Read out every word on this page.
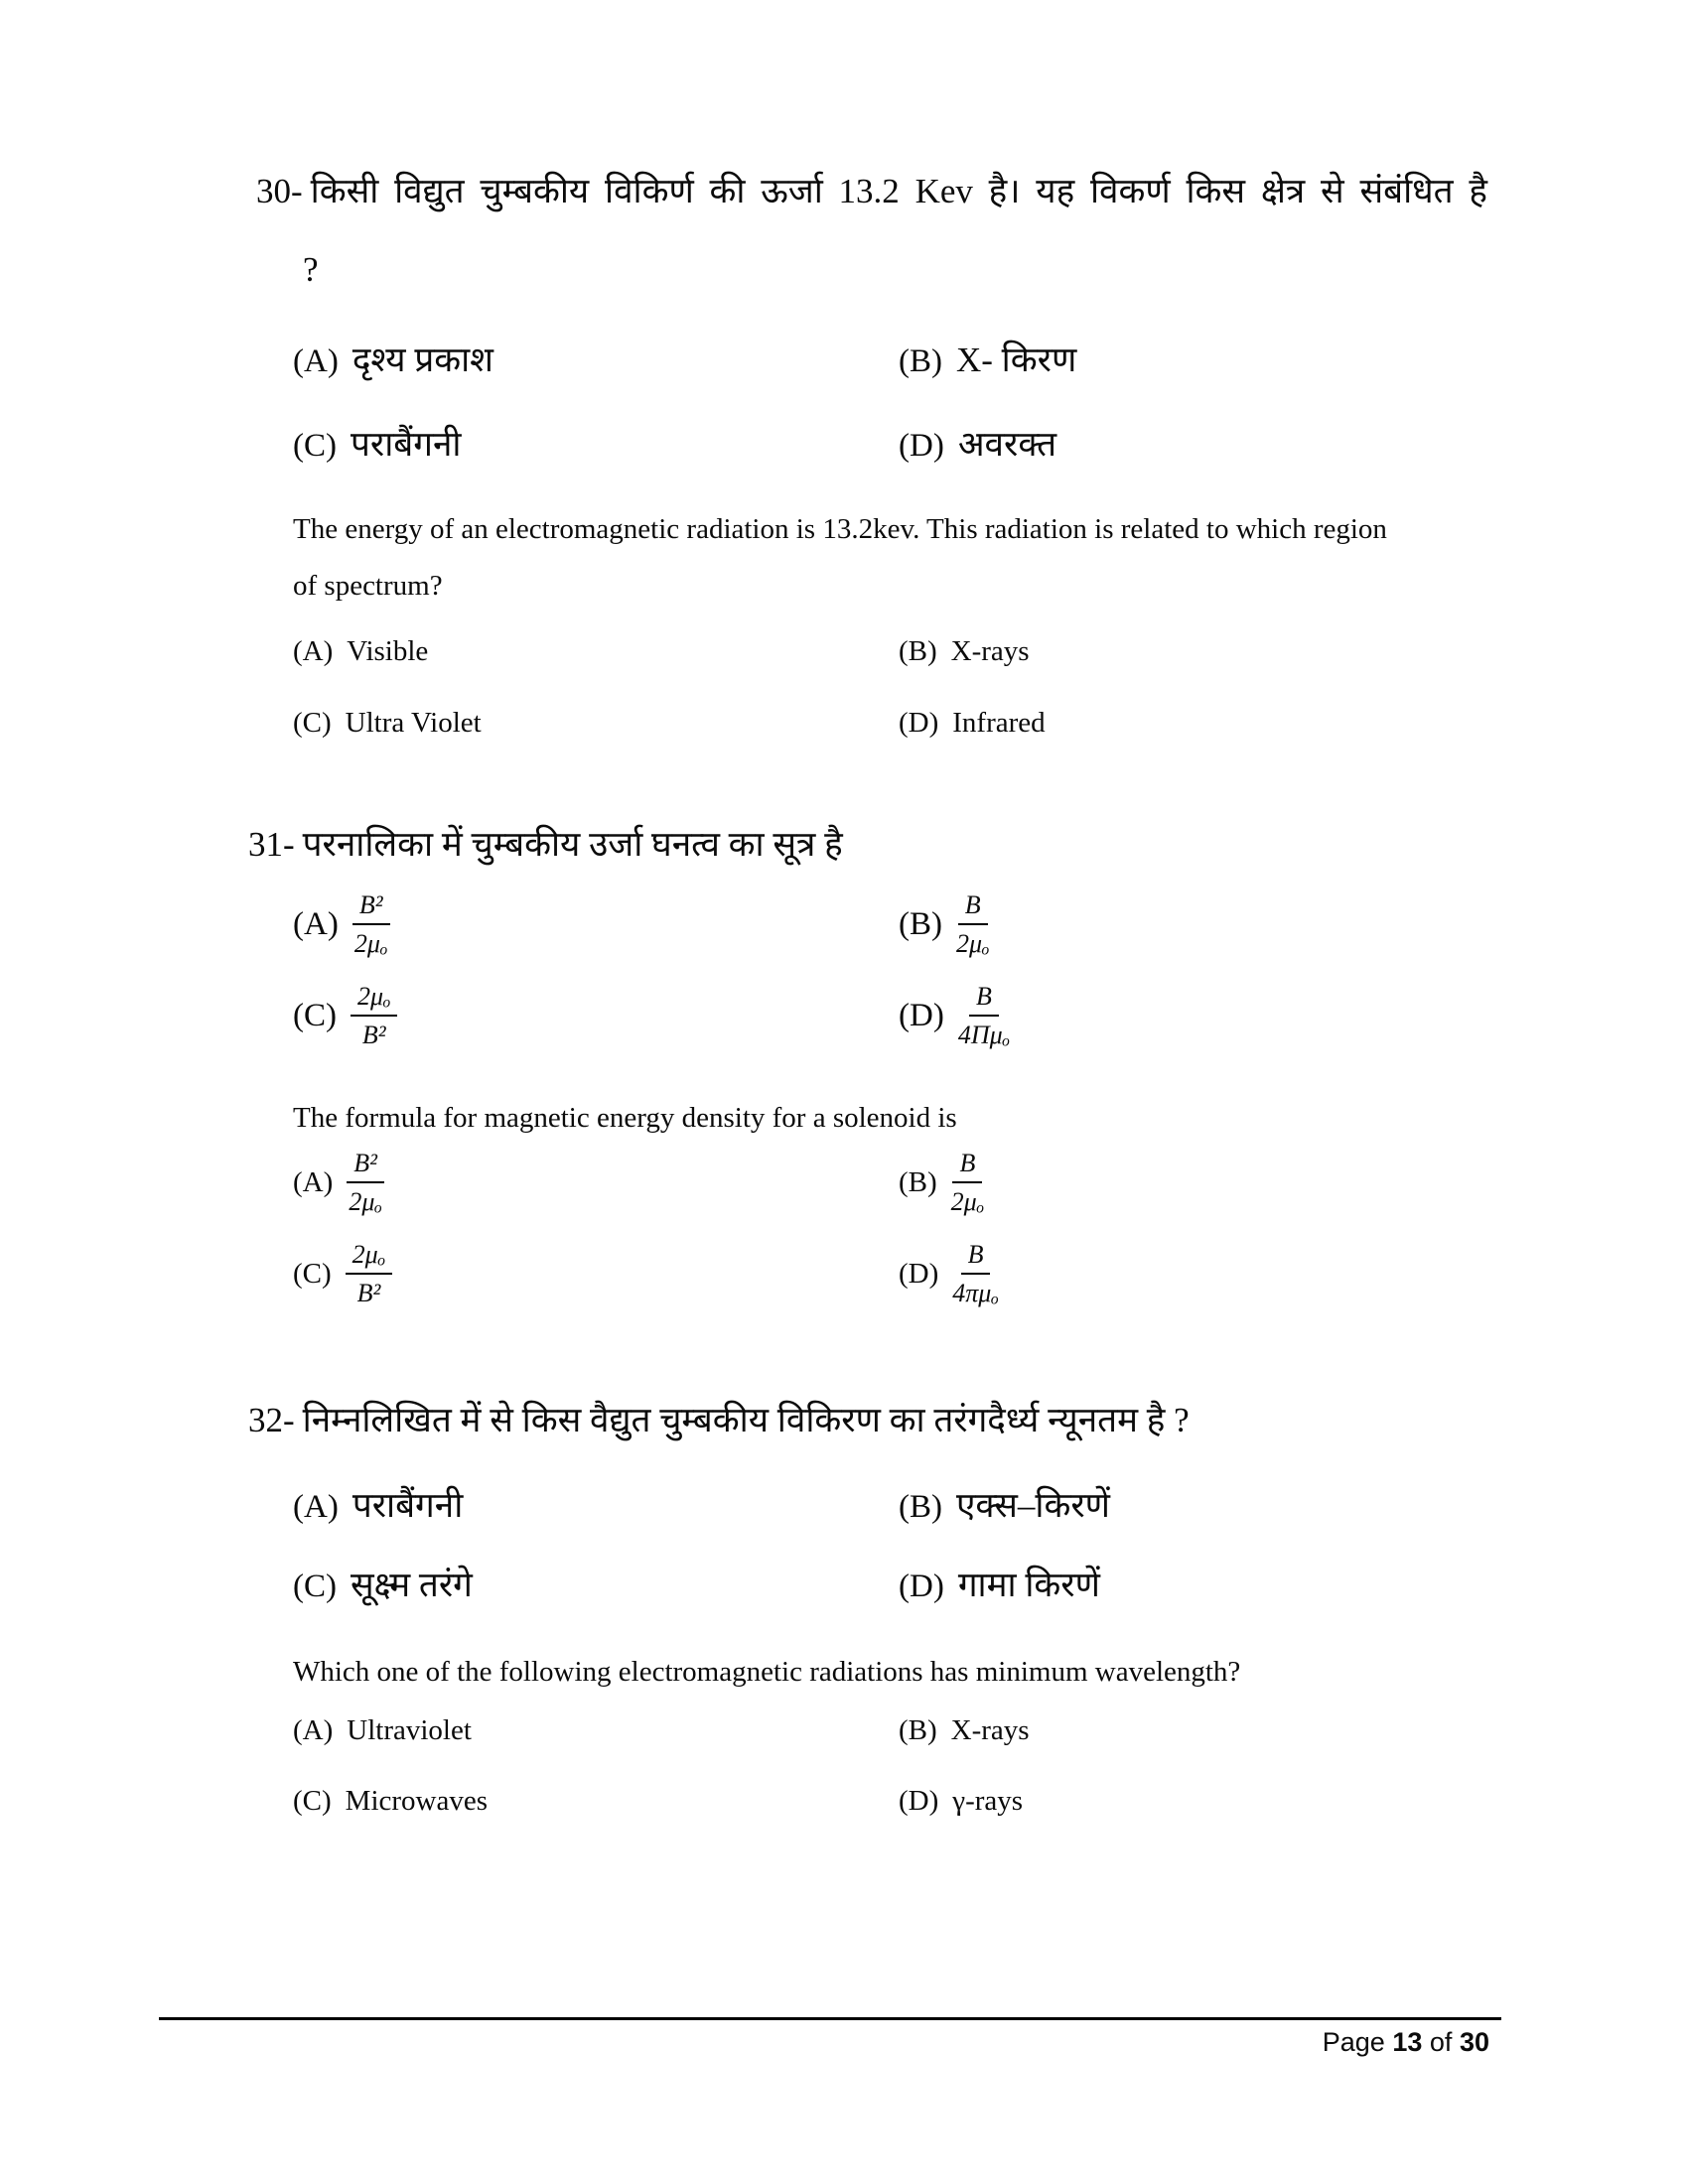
30- किसी विद्युत चुम्बकीय विकिर्ण की ऊर्जा 13.2 Kev है। यह विकर्ण किस क्षेत्र से संबंधित है
?
(A) दृश्य प्रकाश	(B) X- किरण
(C) पराबैंगनी	(D) अवरक्त
The energy of an electromagnetic radiation is 13.2kev. This radiation is related to which region
of spectrum?
(A) Visible	(B) X-rays
(C) Ultra Violet	(D) Infrared
31- परनालिका में चुम्बकीय उर्जा घनत्व का सूत्र है
$(A) \frac{\text{B²}}{\text{2μₒ}}$	$(B) \frac{B}{\text{2μₒ}}$
$(C) \frac{\text{2μₒ}}{\text{B²}}$	$(D) \frac{B}{\text{4Πμₒ}}$
The formula for magnetic energy density for a solenoid is
$(A) \frac{\text{B²}}{\text{2μₒ}}$	$(B) \frac{B}{\text{2μₒ}}$
$(C) \frac{\text{2μₒ}}{\text{B²}}$	$(D) \frac{B}{\text{4πμₒ}}$
32- निम्नलिखित में से किस वैद्युत चुम्बकीय विकिरण का तरंगदैर्ध्य न्यूनतम है ?
(A) पराबैंगनी	(B) एक्स–किरणें
(C) सूक्ष्म तरंगे	(D) गामा किरणें
Which one of the following electromagnetic radiations has minimum wavelength?
(A) Ultraviolet	(B) X-rays
(C) Microwaves	(D) γ-rays
Page 13 of 30
